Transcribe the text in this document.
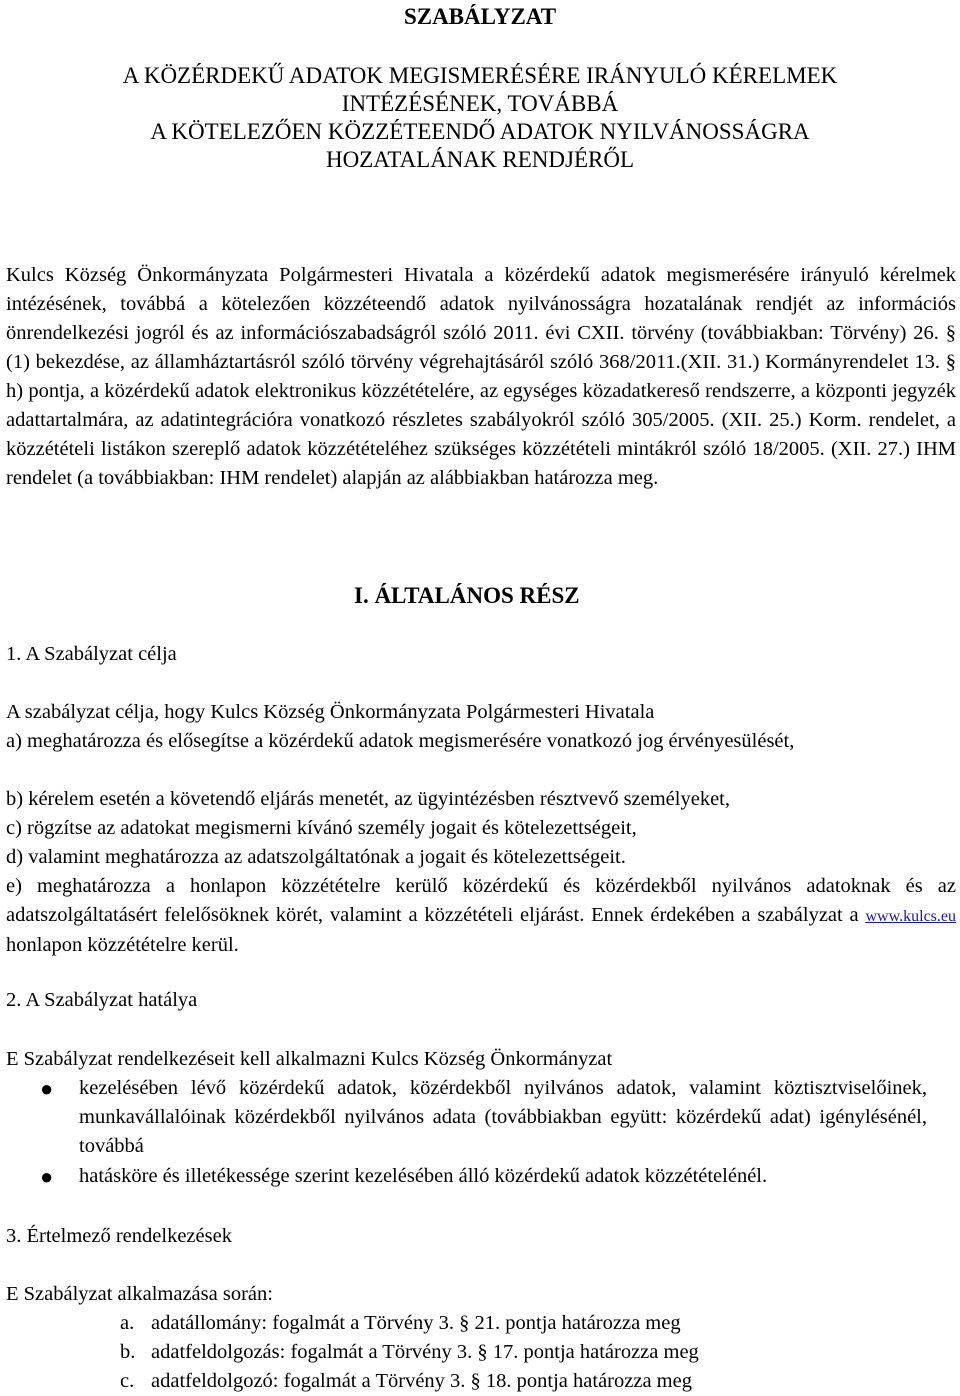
SZABÁLYZAT
A KÖZÉRDEKŰ ADATOK MEGISMERÉSÉRE IRÁNYULÓ KÉRELMEK
INTÉZÉSÉNEK, TOVÁBBÁ
A KÖTELEZŐEN KÖZZÉTEENDŐ ADATOK NYILVÁNOSSÁGRA
HOZATALÁNAK RENDJÉRŐL

Kulcs Község Önkormányzata Polgármesteri Hivatala a közérdekű adatok megismerésére irányuló kérelmek intézésének, továbbá a kötelezően közzéteendő adatok nyilvánosságra hozatalának rendjét az információs önrendelkezési jogról és az információszabadságról szóló 2011. évi CXII. törvény (továbbiakban: Törvény) 26. § (1) bekezdése, az államháztartásról szóló törvény végrehajtásáról szóló 368/2011.(XII. 31.) Kormányrendelet 13. § h) pontja, a közérdekű adatok elektronikus közzétételére, az egységes közadatkereső rendszerre, a központi jegyzék adattartalmára, az adatintegrációra vonatkozó részletes szabályokról szóló 305/2005. (XII. 25.) Korm. rendelet, a közzétételi listákon szereplő adatok közzétételéhez szükséges közzétételi mintákról szóló 18/2005. (XII. 27.) IHM rendelet (a továbbiakban: IHM rendelet) alapján az alábbiakban határozza meg.

I. ÁLTALÁNOS RÉSZ

1. A Szabályzat célja

A szabályzat célja, hogy Kulcs Község Önkormányzata Polgármesteri Hivatala

a) meghatározza és elősegítse a közérdekű adatok megismerésére vonatkozó jog érvényesülését,

b) kérelem esetén a követendő eljárás menetét, az ügyintézésben résztvevő személyeket,

c) rögzítse az adatokat megismerni kívánó személy jogait és kötelezettségeit,

d) valamint meghatározza az adatszolgáltatónak a jogait és kötelezettségeit.

e) meghatározza a honlapon közzétételre kerülő közérdekű és közérdekből nyilvános adatoknak és az adatszolgáltatásért felelősöknek körét, valamint a közzétételi eljárást. Ennek érdekében a szabályzat a www.kulcs.eu honlapon közzétételre kerül.

2. A Szabályzat hatálya

E Szabályzat rendelkezéseit kell alkalmazni Kulcs Község Önkormányzat

● kezelésében lévő közérdekű adatok, közérdekből nyilvános adatok, valamint köztisztviselőinek, munkavállalóinak közérdekből nyilvános adata (továbbiakban együtt: közérdekű adat) igénylésénél, továbbá

● hatásköre és illetékessége szerint kezelésében álló közérdekű adatok közzétételénél.

3. Értelmező rendelkezések

E Szabályzat alkalmazása során:

a. adatállomány: fogalmát a Törvény 3. § 21. pontja határozza meg

b. adatfeldolgozás: fogalmát a Törvény 3. § 17. pontja határozza meg

c. adatfeldolgozó: fogalmát a Törvény 3. § 18. pontja határozza meg
